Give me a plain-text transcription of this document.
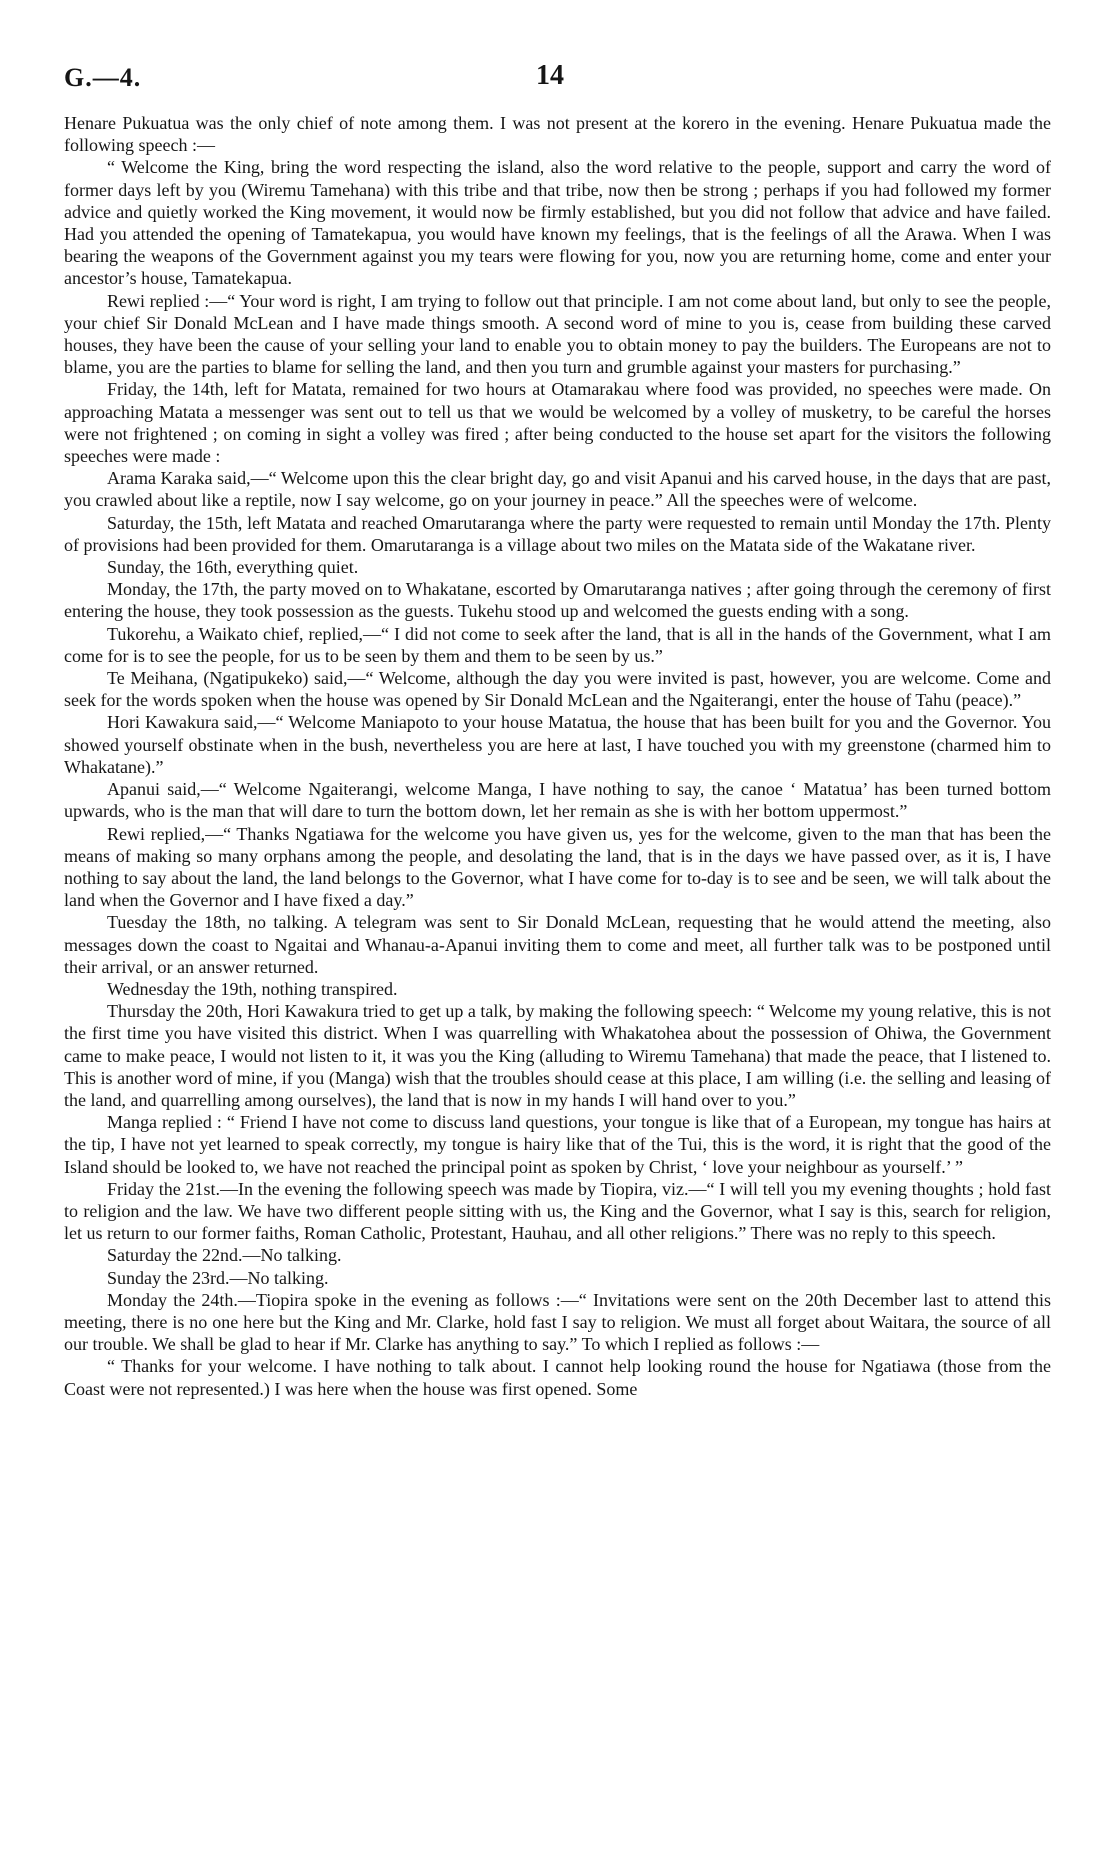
G.—4.	14

Henare Pukuatua was the only chief of note among them. I was not present at the korero in the evening. Henare Pukuatua made the following speech :—

“ Welcome the King, bring the word respecting the island, also the word relative to the people, support and carry the word of former days left by you (Wiremu Tamehana) with this tribe and that tribe, now then be strong ; perhaps if you had followed my former advice and quietly worked the King movement, it would now be firmly established, but you did not follow that advice and have failed. Had you attended the opening of Tamatekapua, you would have known my feelings, that is the feelings of all the Arawa. When I was bearing the weapons of the Government against you my tears were flowing for you, now you are returning home, come and enter your ancestor’s house, Tamatekapua.

Rewi replied :—“ Your word is right, I am trying to follow out that principle. I am not come about land, but only to see the people, your chief Sir Donald McLean and I have made things smooth. A second word of mine to you is, cease from building these carved houses, they have been the cause of your selling your land to enable you to obtain money to pay the builders. The Europeans are not to blame, you are the parties to blame for selling the land, and then you turn and grumble against your masters for purchasing.”

Friday, the 14th, left for Matata, remained for two hours at Otamarakau where food was provided, no speeches were made. On approaching Matata a messenger was sent out to tell us that we would be welcomed by a volley of musketry, to be careful the horses were not frightened ; on coming in sight a volley was fired ; after being conducted to the house set apart for the visitors the following speeches were made :

Arama Karaka said,—“ Welcome upon this the clear bright day, go and visit Apanui and his carved house, in the days that are past, you crawled about like a reptile, now I say welcome, go on your journey in peace.” All the speeches were of welcome.

Saturday, the 15th, left Matata and reached Omarutaranga where the party were requested to remain until Monday the 17th. Plenty of provisions had been provided for them. Omarutaranga is a village about two miles on the Matata side of the Wakatane river.

Sunday, the 16th, everything quiet.

Monday, the 17th, the party moved on to Whakatane, escorted by Omarutaranga natives ; after going through the ceremony of first entering the house, they took possession as the guests. Tukehu stood up and welcomed the guests ending with a song.

Tukorehu, a Waikato chief, replied,—“ I did not come to seek after the land, that is all in the hands of the Government, what I am come for is to see the people, for us to be seen by them and them to be seen by us.”

Te Meihana, (Ngatipukeko) said,—“ Welcome, although the day you were invited is past, however, you are welcome. Come and seek for the words spoken when the house was opened by Sir Donald McLean and the Ngaiterangi, enter the house of Tahu (peace).”

Hori Kawakura said,—“ Welcome Maniapoto to your house Matatua, the house that has been built for you and the Governor. You showed yourself obstinate when in the bush, nevertheless you are here at last, I have touched you with my greenstone (charmed him to Whakatane).”

Apanui said,—“ Welcome Ngaiterangi, welcome Manga, I have nothing to say, the canoe ‘ Matatua’ has been turned bottom upwards, who is the man that will dare to turn the bottom down, let her remain as she is with her bottom uppermost.”

Rewi replied,—“ Thanks Ngatiawa for the welcome you have given us, yes for the welcome, given to the man that has been the means of making so many orphans among the people, and desolating the land, that is in the days we have passed over, as it is, I have nothing to say about the land, the land belongs to the Governor, what I have come for to-day is to see and be seen, we will talk about the land when the Governor and I have fixed a day.”

Tuesday the 18th, no talking. A telegram was sent to Sir Donald McLean, requesting that he would attend the meeting, also messages down the coast to Ngaitai and Whanau-a-Apanui inviting them to come and meet, all further talk was to be postponed until their arrival, or an answer returned.

Wednesday the 19th, nothing transpired.

Thursday the 20th, Hori Kawakura tried to get up a talk, by making the following speech: “ Welcome my young relative, this is not the first time you have visited this district. When I was quarrelling with Whakatohea about the possession of Ohiwa, the Government came to make peace, I would not listen to it, it was you the King (alluding to Wiremu Tamehana) that made the peace, that I listened to. This is another word of mine, if you (Manga) wish that the troubles should cease at this place, I am willing (i.e. the selling and leasing of the land, and quarrelling among ourselves), the land that is now in my hands I will hand over to you.”

Manga replied : “ Friend I have not come to discuss land questions, your tongue is like that of a European, my tongue has hairs at the tip, I have not yet learned to speak correctly, my tongue is hairy like that of the Tui, this is the word, it is right that the good of the Island should be looked to, we have not reached the principal point as spoken by Christ, ‘ love your neighbour as yourself.’ ”

Friday the 21st.—In the evening the following speech was made by Tiopira, viz.—“ I will tell you my evening thoughts ; hold fast to religion and the law. We have two different people sitting with us, the King and the Governor, what I say is this, search for religion, let us return to our former faiths, Roman Catholic, Protestant, Hauhau, and all other religions.” There was no reply to this speech.

Saturday the 22nd.—No talking.

Sunday the 23rd.—No talking.

Monday the 24th.—Tiopira spoke in the evening as follows :—“ Invitations were sent on the 20th December last to attend this meeting, there is no one here but the King and Mr. Clarke, hold fast I say to religion. We must all forget about Waitara, the source of all our trouble. We shall be glad to hear if Mr. Clarke has anything to say.” To which I replied as follows :—

“ Thanks for your welcome. I have nothing to talk about. I cannot help looking round the house for Ngatiawa (those from the Coast were not represented.) I was here when the house was first opened. Some
